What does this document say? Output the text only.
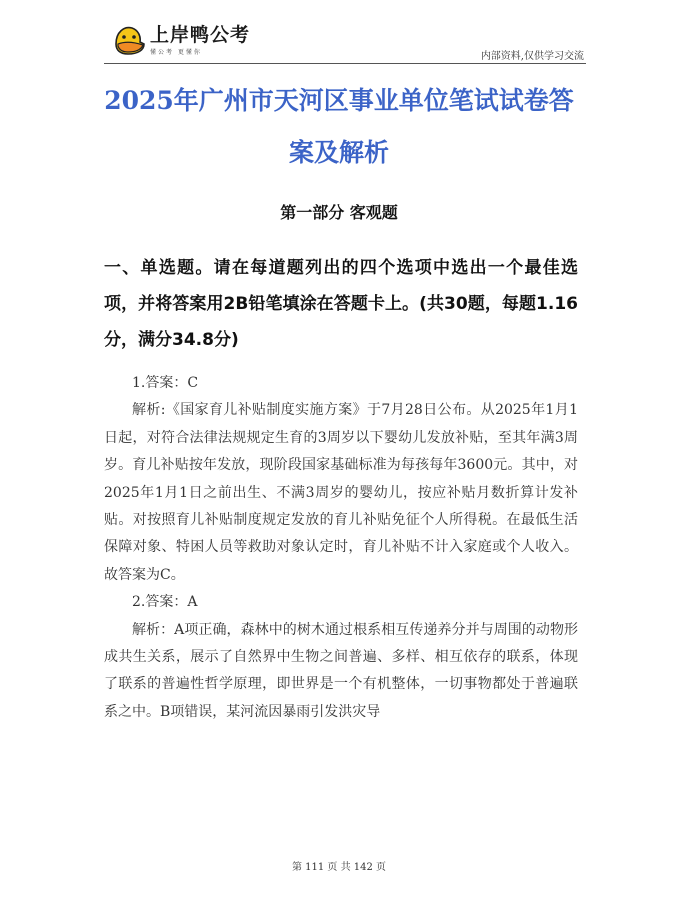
上岸鸭公考
懂公考 更懂你	内部资料,仅供学习交流
2025年广州市天河区事业单位笔试试卷答
案及解析
第一部分 客观题
一、单选题。请在每道题列出的四个选项中选出一个最佳选项，并将答案用2B铅笔填涂在答题卡上。(共30题，每题1.16分，满分34.8分)

1.答案：C

解析:《国家育儿补贴制度实施方案》于7月28日公布。从2025年1月1日起，对符合法律法规规定生育的3周岁以下婴幼儿发放补贴，至其年满3周岁。育儿补贴按年发放，现阶段国家基础标准为每孩每年3600元。其中，对2025年1月1日之前出生、不满3周岁的婴幼儿，按应补贴月数折算计发补贴。对按照育儿补贴制度规定发放的育儿补贴免征个人所得税。在最低生活保障对象、特困人员等救助对象认定时，育儿补贴不计入家庭或个人收入。故答案为C。

2.答案：A

解析：A项正确，森林中的树木通过根系相互传递养分并与周围的动物形成共生关系，展示了自然界中生物之间普遍、多样、相互依存的联系，体现了联系的普遍性哲学原理，即世界是一个有机整体，一切事物都处于普遍联系之中。B项错误，某河流因暴雨引发洪灾导

第 111 页 共 142 页
